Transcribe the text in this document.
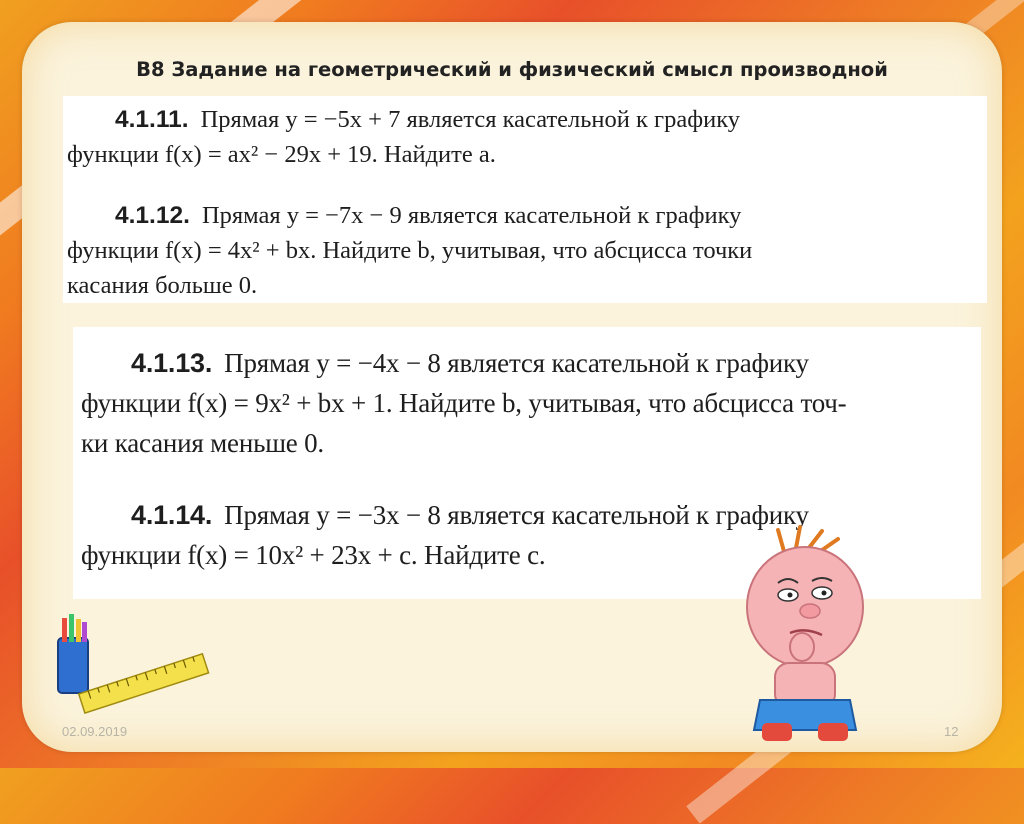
В8 Задание на геометрический и физический смысл производной
4.1.11. Прямая y = −5x + 7 является касательной к графику
функции f(x) = ax² − 29x + 19. Найдите a.
4.1.12. Прямая y = −7x − 9 является касательной к графику
функции f(x) = 4x² + bx. Найдите b, учитывая, что абсцисса точки
касания больше 0.
4.1.13. Прямая y = −4x − 8 является касательной к графику
функции f(x) = 9x² + bx + 1. Найдите b, учитывая, что абсцисса точ-
ки касания меньше 0.
4.1.14. Прямая y = −3x − 8 является касательной к графику
функции f(x) = 10x² + 23x + c. Найдите c.
02.09.2019	12
